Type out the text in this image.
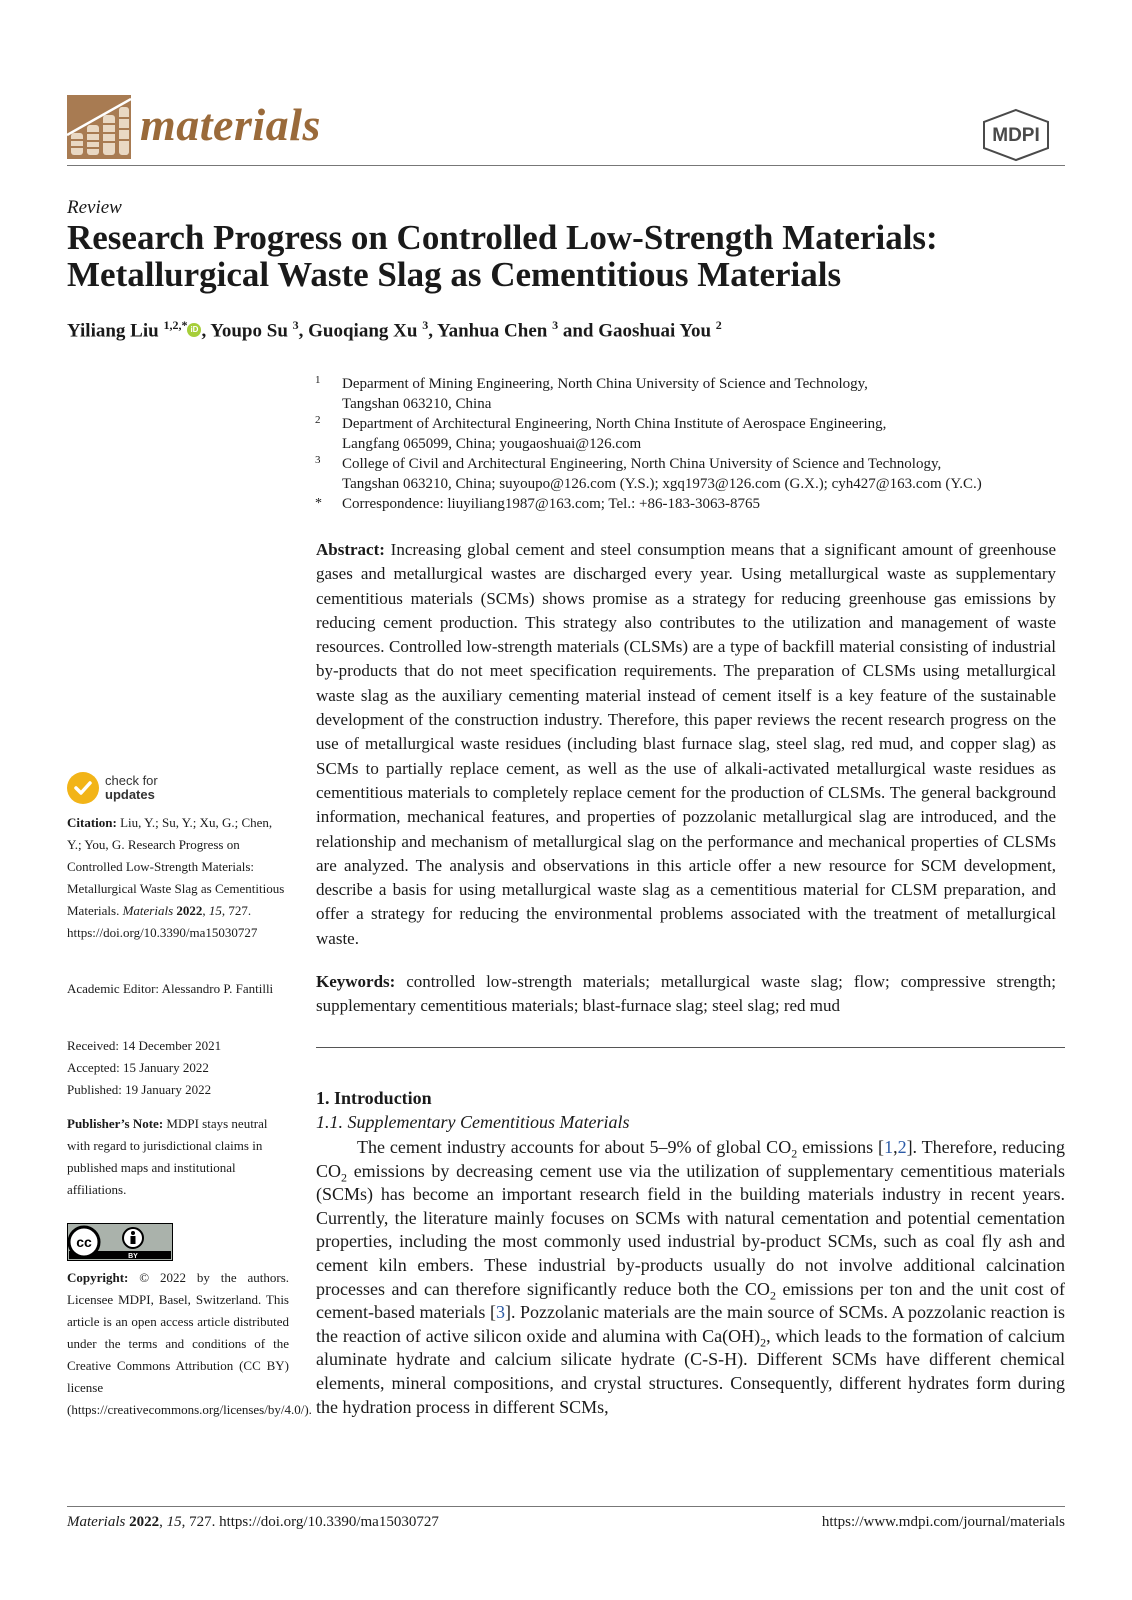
materials	MDPI
Review
Research Progress on Controlled Low-Strength Materials:
Metallurgical Waste Slag as Cementitious Materials
Yiliang Liu $^{1,2,*}$ iD , Youpo Su $^3$, Guoqiang Xu $^3$, Yanhua Chen $^3$ and Gaoshuai You $^2$
1 Deparment of Mining Engineering, North China University of Science and Technology,
Tangshan 063210, China
2 Department of Architectural Engineering, North China Institute of Aerospace Engineering,
Langfang 065099, China; yougaoshuai@126.com
3 College of Civil and Architectural Engineering, North China University of Science and Technology,
Tangshan 063210, China; suyoupo@126.com (Y.S.); xgq1973@126.com (G.X.); cyh427@163.com (Y.C.)
* Correspondence: liuyiliang1987@163.com; Tel.: +86-183-3063-8765
Abstract: Increasing global cement and steel consumption means that a significant amount of greenhouse gases and metallurgical wastes are discharged every year. Using metallurgical waste as supplementary cementitious materials (SCMs) shows promise as a strategy for reducing greenhouse gas emissions by reducing cement production. This strategy also contributes to the utilization and management of waste resources. Controlled low-strength materials (CLSMs) are a type of backfill material consisting of industrial by-products that do not meet specification requirements. The preparation of CLSMs using metallurgical waste slag as the auxiliary cementing material instead of cement itself is a key feature of the sustainable development of the construction industry. Therefore, this paper reviews the recent research progress on the use of metallurgical waste residues (including blast furnace slag, steel slag, red mud, and copper slag) as SCMs to partially replace cement, as well as the use of alkali-activated metallurgical waste residues as cementitious materials to completely replace cement for the production of CLSMs. The general background information, mechanical features, and properties of pozzolanic metallurgical slag are introduced, and the relationship and mechanism of metallurgical slag on the performance and mechanical properties of CLSMs are analyzed. The analysis and observations in this article offer a new resource for SCM development, describe a basis for using metallurgical waste slag as a cementitious material for CLSM preparation, and offer a strategy for reducing the environmental problems associated with the treatment of metallurgical waste.
Keywords: controlled low-strength materials; metallurgical waste slag; flow; compressive strength; supplementary cementitious materials; blast-furnace slag; steel slag; red mud
1. Introduction
1.1. Supplementary Cementitious Materials
The cement industry accounts for about 5–9% of global $CO_2$ emissions [1,2]. Therefore, reducing $CO_2$ emissions by decreasing cement use via the utilization of supplementary cementitious materials (SCMs) has become an important research field in the building materials industry in recent years. Currently, the literature mainly focuses on SCMs with natural cementation and potential cementation properties, including the most commonly used industrial by-product SCMs, such as coal fly ash and cement kiln embers. These industrial by-products usually do not involve additional calcination processes and can therefore significantly reduce both the $CO_2$ emissions per ton and the unit cost of cement-based materials [3]. Pozzolanic materials are the main source of SCMs. A pozzolanic reaction is the reaction of active silicon oxide and alumina with $Ca(OH)_2$, which leads to the formation of calcium aluminate hydrate and calcium silicate hydrate (C-S-H). Different SCMs have different chemical elements, mineral compositions, and crystal structures. Consequently, different hydrates form during the hydration process in different SCMs,
check for
updates
Citation: Liu, Y.; Su, Y.; Xu, G.; Chen, Y.; You, G. Research Progress on Controlled Low-Strength Materials: Metallurgical Waste Slag as Cementitious Materials. Materials 2022, 15, 727. https://doi.org/10.3390/ma15030727
Academic Editor: Alessandro P. Fantilli
Received: 14 December 2021
Accepted: 15 January 2022
Published: 19 January 2022
Publisher’s Note: MDPI stays neutral with regard to jurisdictional claims in published maps and institutional affiliations.
cc
BY
Copyright: © 2022 by the authors. Licensee MDPI, Basel, Switzerland. This article is an open access article distributed under the terms and conditions of the Creative Commons Attribution (CC BY) license (https://creativecommons.org/licenses/by/4.0/).
Materials 2022, 15, 727. https://doi.org/10.3390/ma15030727	https://www.mdpi.com/journal/materials
